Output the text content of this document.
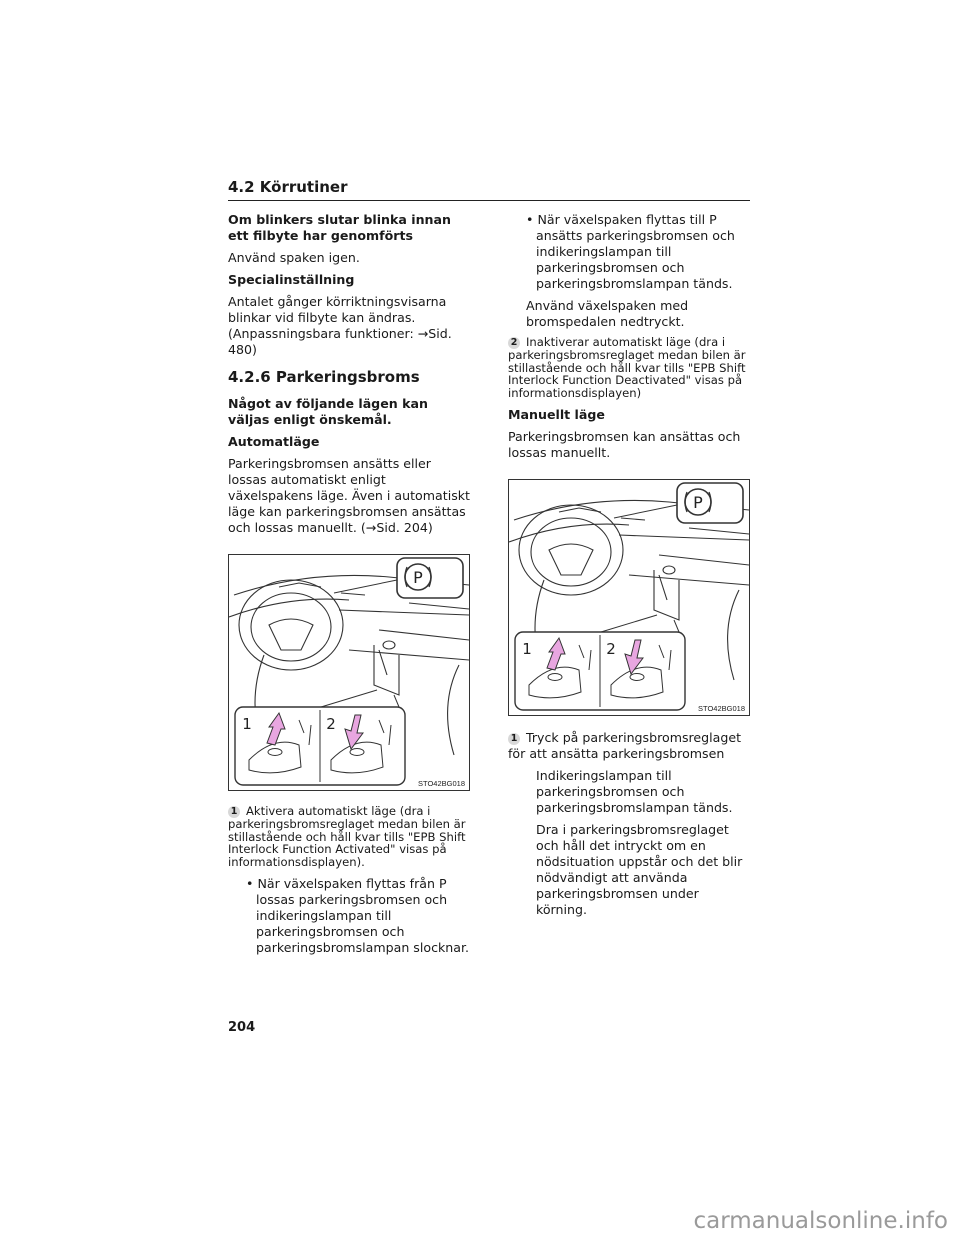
4.2 Körrutiner

Om blinkers slutar blinka innan ett filbyte har genomförts

Använd spaken igen.

Specialinställning

Antalet gånger körriktningsvisarna blinkar vid filbyte kan ändras. (Anpassningsbara funktioner: →Sid. 480)

4.2.6 Parkeringsbroms

Något av följande lägen kan väljas enligt önskemål.

Automatläge

Parkeringsbromsen ansätts eller lossas automatiskt enligt växelspakens läge. Även i automatiskt läge kan parkeringsbromsen ansättas och lossas manuellt. (→Sid. 204)

P
1	2
STO42BG018

1 Aktivera automatiskt läge (dra i parkeringsbromsreglaget medan bilen är stillastående och håll kvar tills "EPB Shift Interlock Function Activated" visas på informationsdisplayen).

• När växelspaken flyttas från P lossas parkeringsbromsen och indikeringslampan till parkeringsbromsen och parkeringsbromslampan slocknar.

• När växelspaken flyttas till P ansätts parkeringsbromsen och indikeringslampan till parkeringsbromsen och parkeringsbromslampan tänds.

Använd växelspaken med bromspedalen nedtryckt.

2 Inaktiverar automatiskt läge (dra i parkeringsbromsreglaget medan bilen är stillastående och håll kvar tills "EPB Shift Interlock Function Deactivated" visas på informationsdisplayen)

Manuellt läge

Parkeringsbromsen kan ansättas och lossas manuellt.

P
1	2
STO42BG018

1 Tryck på parkeringsbromsreglaget för att ansätta parkeringsbromsen

Indikeringslampan till parkeringsbromsen och parkeringsbromslampan tänds.

Dra i parkeringsbromsreglaget och håll det intryckt om en nödsituation uppstår och det blir nödvändigt att använda parkeringsbromsen under körning.

204
carmanualsonline.info
